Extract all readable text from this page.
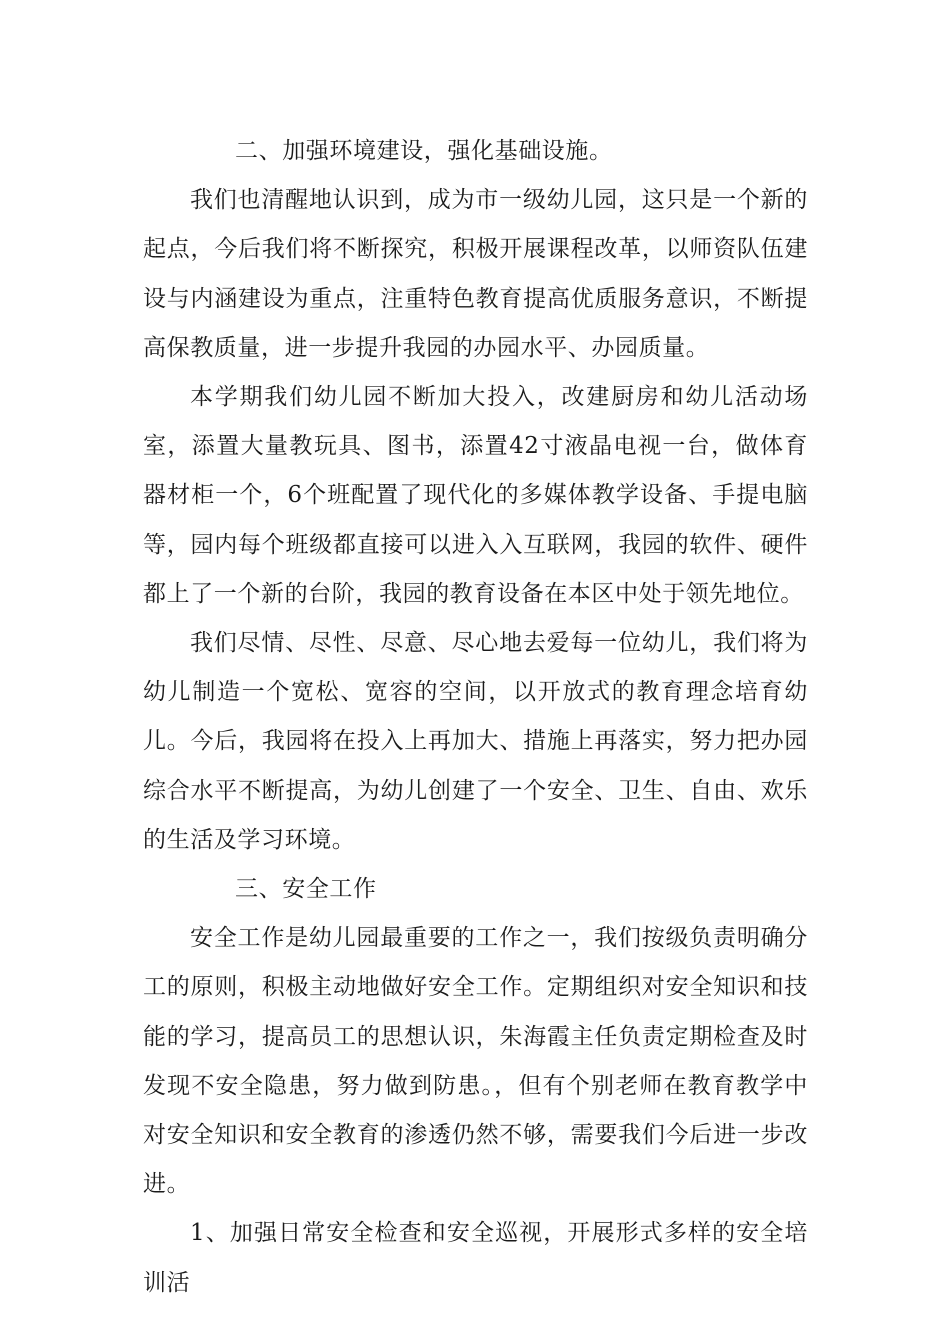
二、加强环境建设，强化基础设施。

我们也清醒地认识到，成为市一级幼儿园，这只是一个新的起点，今后我们将不断探究，积极开展课程改革，以师资队伍建设与内涵建设为重点，注重特色教育提高优质服务意识，不断提高保教质量，进一步提升我园的办园水平、办园质量。

本学期我们幼儿园不断加大投入，改建厨房和幼儿活动场室，添置大量教玩具、图书，添置42寸液晶电视一台，做体育器材柜一个，6个班配置了现代化的多媒体教学设备、手提电脑等，园内每个班级都直接可以进入入互联网，我园的软件、硬件都上了一个新的台阶，我园的教育设备在本区中处于领先地位。

我们尽情、尽性、尽意、尽心地去爱每一位幼儿，我们将为幼儿制造一个宽松、宽容的空间，以开放式的教育理念培育幼儿。今后，我园将在投入上再加大、措施上再落实，努力把办园综合水平不断提高，为幼儿创建了一个安全、卫生、自由、欢乐的生活及学习环境。

三、安全工作

安全工作是幼儿园最重要的工作之一，我们按级负责明确分工的原则，积极主动地做好安全工作。定期组织对安全知识和技能的学习，提高员工的思想认识，朱海霞主任负责定期检查及时发现不安全隐患，努力做到防患。，但有个别老师在教育教学中对安全知识和安全教育的渗透仍然不够，需要我们今后进一步改进。

1、加强日常安全检查和安全巡视，开展形式多样的安全培训活
